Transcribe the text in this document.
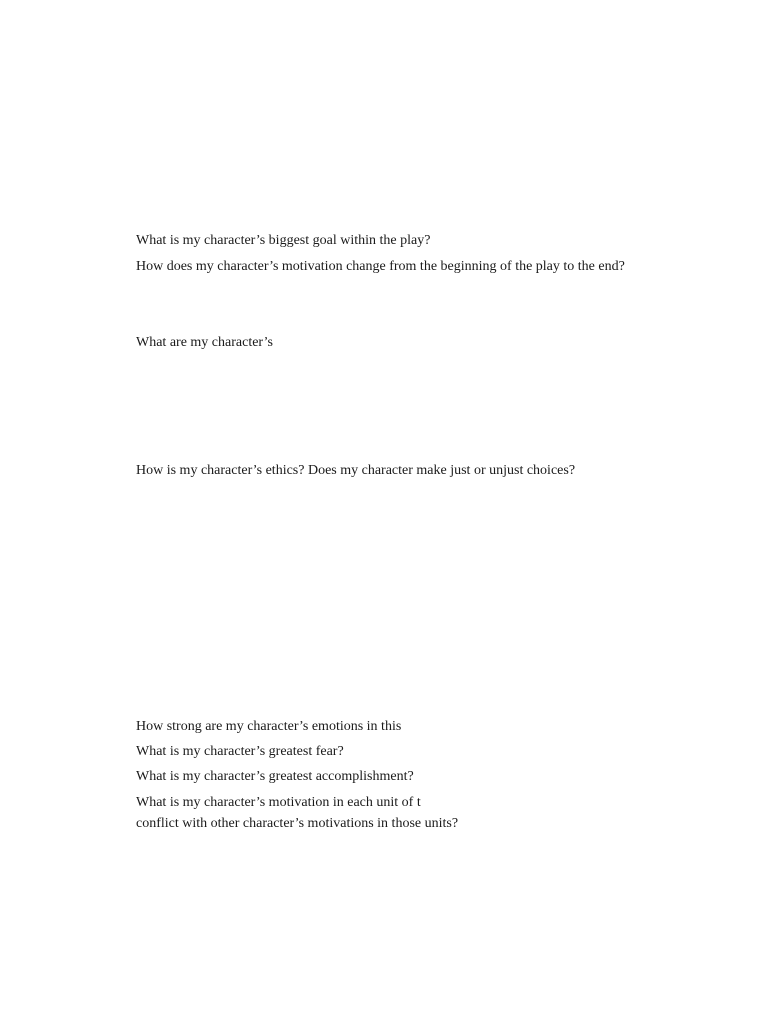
What is my character’s biggest goal within the play?

How does my character’s motivation change from the beginning of the play to the end?

What are my character’s

How is my character’s ethics? Does my character make just or unjust choices?

How strong are my character’s emotions in this

What is my character’s greatest fear?

What is my character’s greatest accomplishment?

What is my character’s motivation in each unit of t

conflict with other character’s motivations in those units?
